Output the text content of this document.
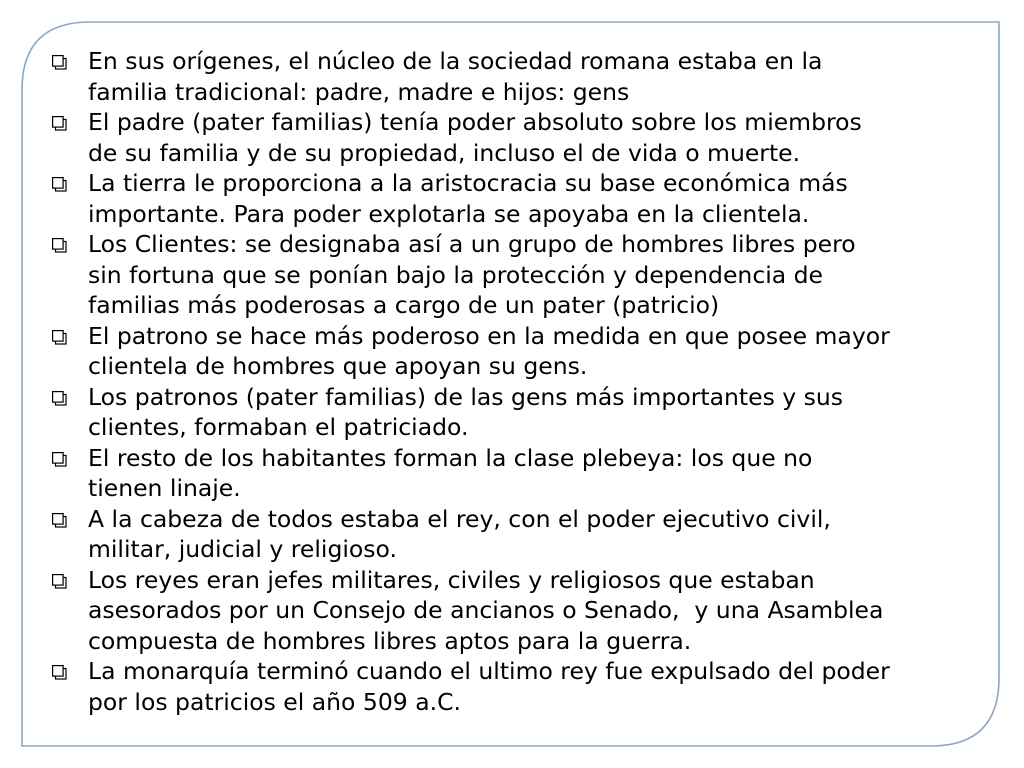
En sus orígenes, el núcleo de la sociedad romana estaba en la
familia tradicional: padre, madre e hijos: gens
El padre (pater familias) tenía poder absoluto sobre los miembros
de su familia y de su propiedad, incluso el de vida o muerte.
La tierra le proporciona a la aristocracia su base económica más
importante. Para poder explotarla se apoyaba en la clientela.
Los Clientes: se designaba así a un grupo de hombres libres pero
sin fortuna que se ponían bajo la protección y dependencia de
familias más poderosas a cargo de un pater (patricio)
El patrono se hace más poderoso en la medida en que posee mayor
clientela de hombres que apoyan su gens.
Los patronos (pater familias) de las gens más importantes y sus
clientes, formaban el patriciado.
El resto de los habitantes forman la clase plebeya: los que no
tienen linaje.
A la cabeza de todos estaba el rey, con el poder ejecutivo civil,
militar, judicial y religioso.
Los reyes eran jefes militares, civiles y religiosos que estaban
asesorados por un Consejo de ancianos o Senado,  y una Asamblea
compuesta de hombres libres aptos para la guerra.
La monarquía terminó cuando el ultimo rey fue expulsado del poder
por los patricios el año 509 a.C.
